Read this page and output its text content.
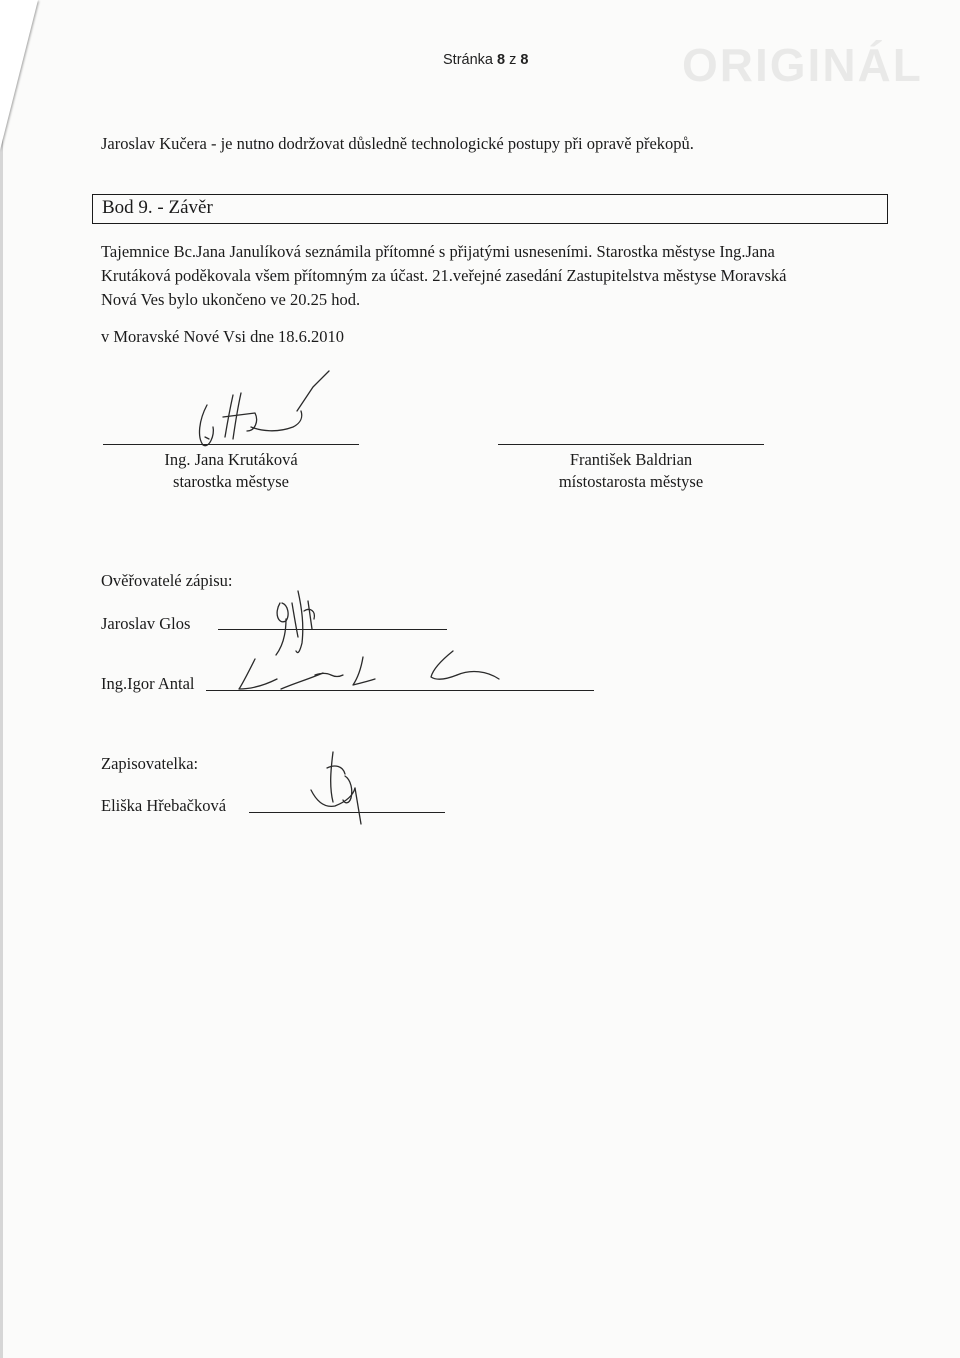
ORIGINÁL
Stránka 8 z 8
Jaroslav Kučera - je nutno dodržovat důsledně technologické postupy při opravě překopů.
Bod 9. - Závěr
Tajemnice Bc.Jana Janulíková seznámila přítomné s přijatými usneseními. Starostka městyse Ing.Jana
Krutáková poděkovala všem přítomným za účast. 21.veřejné zasedání Zastupitelstva městyse Moravská
Nová Ves bylo ukončeno ve 20.25 hod.
v Moravské Nové Vsi dne 18.6.2010
Ing. Jana Krutáková
starostka městyse
František Baldrian
místostarosta městyse
Ověřovatelé zápisu:
Jaroslav Glos
Ing.Igor Antal
Zapisovatelka:
Eliška Hřebačková
